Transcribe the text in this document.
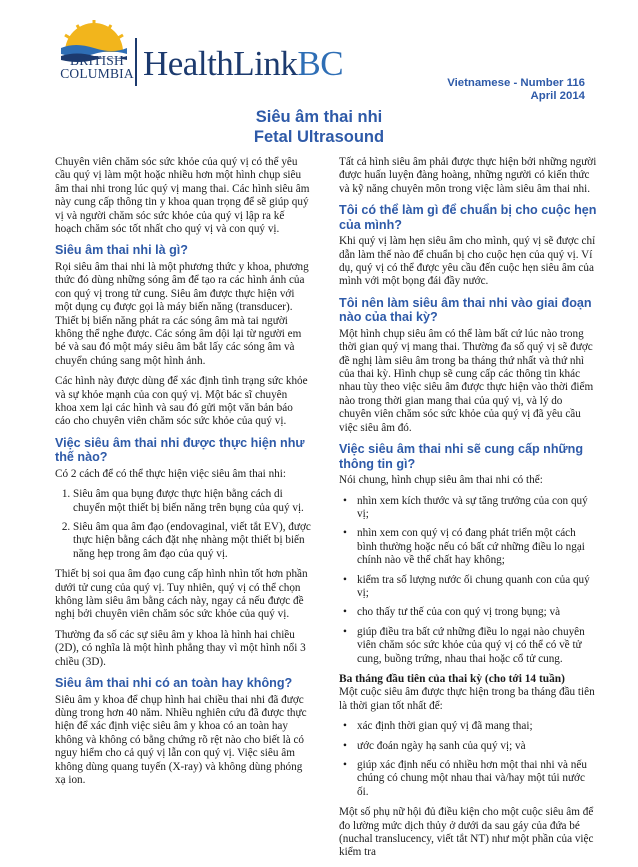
BRITISH
COLUMBIA HealthLinkBC	Vietnamese - Number 116
April 2014
Siêu âm thai nhi
Fetal Ultrasound

Chuyên viên chăm sóc sức khỏe của quý vị có thể yêu cầu quý vị làm một hoặc nhiều hơn một hình chụp siêu âm thai nhi trong lúc quý vị mang thai. Các hình siêu âm này cung cấp thông tin y khoa quan trọng để sẽ giúp quý vị và người chăm sóc sức khỏe của quý vị lập ra kế hoạch chăm sóc tốt nhất cho quý vị và con quý vị.

Siêu âm thai nhi là gì?

Rọi siêu âm thai nhi là một phương thức y khoa, phương thức đó dùng những sóng âm để tạo ra các hình ảnh của con quý vị trong tử cung. Siêu âm được thực hiện với một dụng cụ được gọi là máy biến năng (transducer). Thiết bị biến năng phát ra các sóng âm mà tai người không thể nghe được. Các sóng âm dội lại từ người em bé và sau đó một máy siêu âm bắt lấy các sóng âm và chuyển chúng sang một hình ảnh.

Các hình này được dùng để xác định tình trạng sức khỏe và sự khỏe mạnh của con quý vị. Một bác sĩ chuyên khoa xem lại các hình và sau đó gửi một văn bản báo cáo cho chuyên viên chăm sóc sức khỏe của quý vị.

Việc siêu âm thai nhi được thực hiện như thế nào?

Có 2 cách để có thể thực hiện việc siêu âm thai nhi:

1. Siêu âm qua bụng được thực hiện bằng cách di chuyển một thiết bị biến năng trên bụng của quý vị.
2. Siêu âm qua âm đạo (endovaginal, viết tắt EV), được thực hiện bằng cách đặt nhẹ nhàng một thiết bị biến năng hẹp trong âm đạo của quý vị.

Thiết bị soi qua âm đạo cung cấp hình nhìn tốt hơn phần dưới tử cung của quý vị. Tuy nhiên, quý vị có thể chọn không làm siêu âm bằng cách này, ngay cả nếu được đề nghị bởi chuyên viên chăm sóc sức khỏe của quý vị.

Thường đa số các sự siêu âm y khoa là hình hai chiều (2D), có nghĩa là một hình phẳng thay vì một hình nổi 3 chiều (3D).

Siêu âm thai nhi có an toàn hay không?

Siêu âm y khoa để chụp hình hai chiều thai nhi đã được dùng trong hơn 40 năm. Nhiều nghiên cứu đã được thực hiện để xác định việc siêu âm y khoa có an toàn hay không và không có bằng chứng rõ rệt nào cho biết là có nguy hiểm cho cả quý vị lẫn con quý vị. Việc siêu âm không dùng quang tuyến (X-ray) và không dùng phóng xạ ion.

Tất cả hình siêu âm phải được thực hiện bởi những người được huấn luyện đàng hoàng, những người có kiến thức và kỹ năng chuyên môn trong việc làm siêu âm thai nhi.

Tôi có thể làm gì để chuẩn bị cho cuộc hẹn của mình?

Khi quý vị làm hẹn siêu âm cho mình, quý vị sẽ được chỉ dẫn làm thế nào để chuẩn bị cho cuộc hẹn của quý vị. Ví dụ, quý vị có thể được yêu cầu đến cuộc hẹn siêu âm của mình với một bọng đái đầy nước.

Tôi nên làm siêu âm thai nhi vào giai đoạn nào của thai kỳ?

Một hình chụp siêu âm có thể làm bất cứ lúc nào trong thời gian quý vị mang thai. Thường đa số quý vị sẽ được đề nghị làm siêu âm trong ba tháng thứ nhất và thứ nhì của thai kỳ. Hình chụp sẽ cung cấp các thông tin khác nhau tùy theo việc siêu âm được thực hiện vào thời điểm nào trong thời gian mang thai của quý vị, và lý do chuyên viên chăm sóc sức khỏe của quý vị đã yêu cầu việc siêu âm đó.

Việc siêu âm thai nhi sẽ cung cấp những thông tin gì?

Nói chung, hình chụp siêu âm thai nhi có thể:

• nhìn xem kích thước và sự tăng trưởng của con quý vị;
• nhìn xem con quý vị có đang phát triển một cách bình thường hoặc nếu có bất cứ những điều lo ngại chính nào về thể chất hay không;
• kiểm tra số lượng nước ối chung quanh con của quý vị;
• cho thấy tư thế của con quý vị trong bụng; và
• giúp điều tra bất cứ những điều lo ngại nào chuyên viên chăm sóc sức khỏe của quý vị có thể có về tử cung, buồng trứng, nhau thai hoặc cổ tử cung.
Ba tháng đầu tiên của thai kỳ (cho tới 14 tuần)

Một cuộc siêu âm được thực hiện trong ba tháng đầu tiên là thời gian tốt nhất để:

• xác định thời gian quý vị đã mang thai;
• ước đoán ngày hạ sanh của quý vị; và
• giúp xác định nếu có nhiều hơn một thai nhi và nếu chúng có chung một nhau thai và/hay một túi nước ối.

Một số phụ nữ hội đủ điều kiện cho một cuộc siêu âm để đo lường mức dịch thủy ở dưới da sau gáy của đứa bé (nuchal translucency, viết tắt NT) như một phần của việc kiểm tra
